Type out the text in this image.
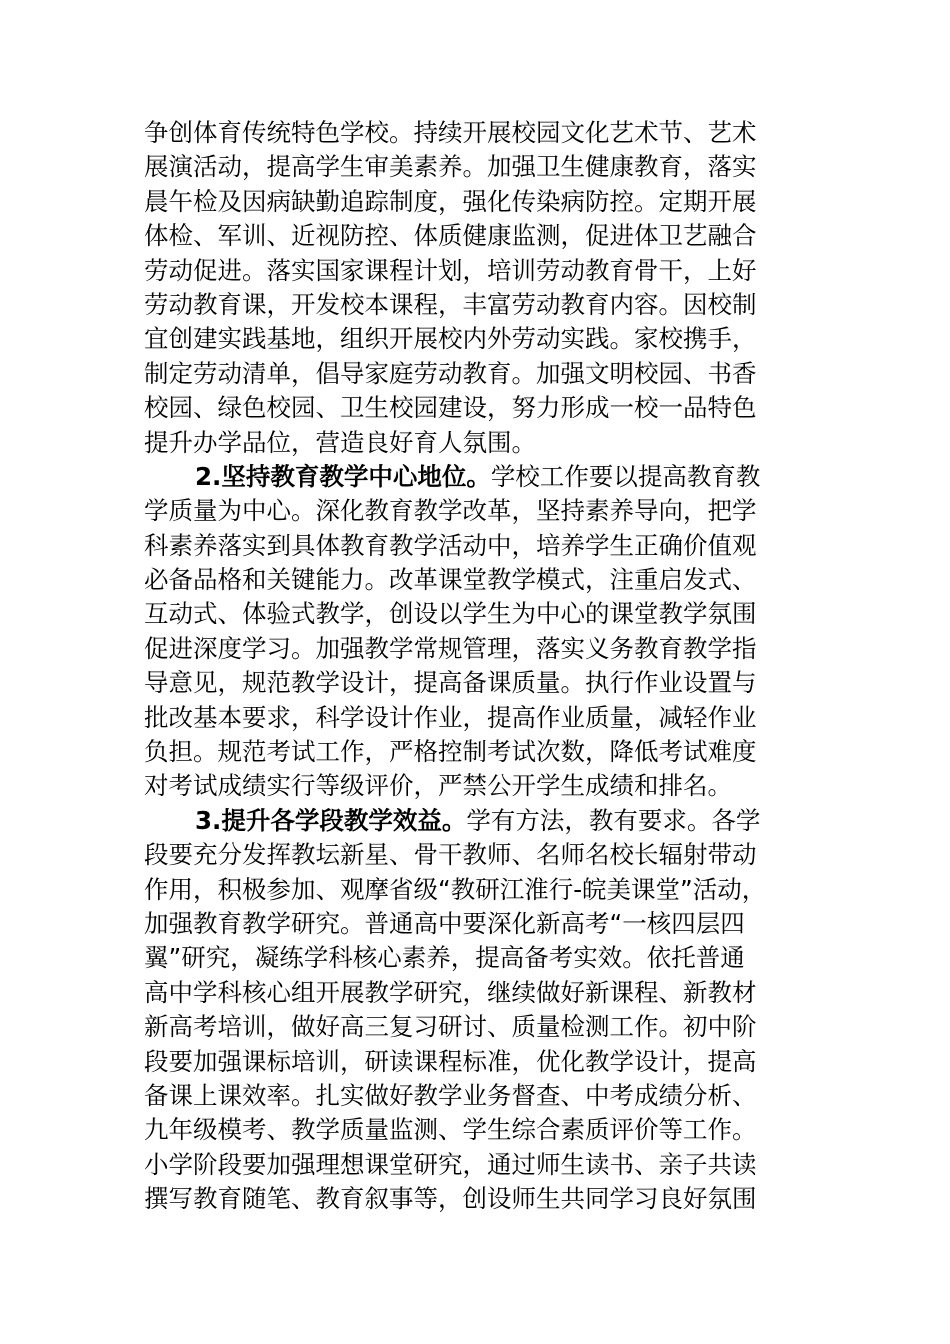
争创体育传统特色学校。持续开展校园文化艺术节、艺术
展演活动，提高学生审美素养。加强卫生健康教育，落实
晨午检及因病缺勤追踪制度，强化传染病防控。定期开展
体检、军训、近视防控、体质健康监测，促进体卫艺融合
劳动促进。落实国家课程计划，培训劳动教育骨干，上好
劳动教育课，开发校本课程，丰富劳动教育内容。因校制
宜创建实践基地，组织开展校内外劳动实践。家校携手，
制定劳动清单，倡导家庭劳动教育。加强文明校园、书香
校园、绿色校园、卫生校园建设，努力形成一校一品特色
提升办学品位，营造良好育人氛围。
2.坚持教育教学中心地位。学校工作要以提高教育教
学质量为中心。深化教育教学改革，坚持素养导向，把学
科素养落实到具体教育教学活动中，培养学生正确价值观
必备品格和关键能力。改革课堂教学模式，注重启发式、
互动式、体验式教学，创设以学生为中心的课堂教学氛围
促进深度学习。加强教学常规管理，落实义务教育教学指
导意见，规范教学设计，提高备课质量。执行作业设置与
批改基本要求，科学设计作业，提高作业质量，减轻作业
负担。规范考试工作，严格控制考试次数，降低考试难度
对考试成绩实行等级评价，严禁公开学生成绩和排名。
3.提升各学段教学效益。学有方法，教有要求。各学
段要充分发挥教坛新星、骨干教师、名师名校长辐射带动
作用，积极参加、观摩省级“教研江淮行-皖美课堂”活动，
加强教育教学研究。普通高中要深化新高考“一核四层四
翼”研究，凝练学科核心素养，提高备考实效。依托普通
高中学科核心组开展教学研究，继续做好新课程、新教材
新高考培训，做好高三复习研讨、质量检测工作。初中阶
段要加强课标培训，研读课程标准，优化教学设计，提高
备课上课效率。扎实做好教学业务督查、中考成绩分析、
九年级模考、教学质量监测、学生综合素质评价等工作。
小学阶段要加强理想课堂研究，通过师生读书、亲子共读
撰写教育随笔、教育叙事等，创设师生共同学习良好氛围
